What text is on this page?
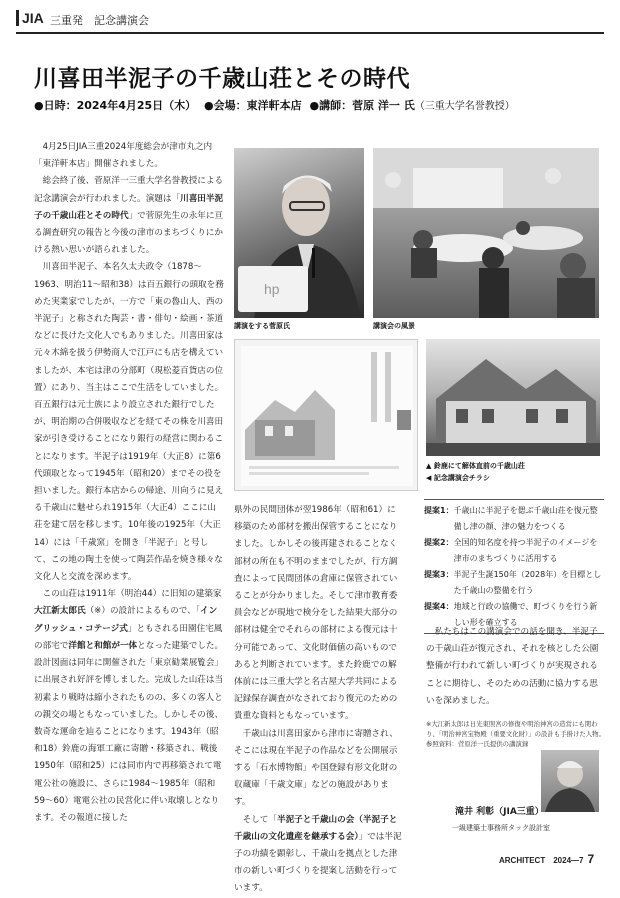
JIA 三重発　記念講演会
川喜田半泥子の千歳山荘とその時代
●日時：2024年4月25日（木） ●会場：東洋軒本店 ●講師：菅原 洋一 氏（三重大学名誉教授）

4月25日JIA三重2024年度総会が津市丸之内「東洋軒本店」開催されました。

総会終了後、菅原洋一三重大学名誉教授による記念講演会が行われました。演題は「川喜田半泥子の千歳山荘とその時代」で菅原先生の永年に亘る調査研究の報告と今後の津市のまちづくりにかける熱い思いが語られました。

川喜田半泥子、本名久太夫政令（1878～1963、明治11～昭和38）は百五銀行の頭取を務めた実業家でしたが、一方で「東の魯山人、西の半泥子」と称された陶芸・書・俳句・絵画・茶道などに長けた文化人でもありました。川喜田家は元々木綿を扱う伊勢商人で江戸にも店を構えていましたが、本宅は津の分部町（現松菱百貨店の位置）にあり、当主はここで生活をしていました。百五銀行は元士族により設立された銀行でしたが、明治期の合併吸収などを経てその株を川喜田家が引き受けることになり銀行の経営に関わることになります。半泥子は1919年（大正8）に第6代頭取となって1945年（昭和20）までその役を担いました。銀行本店からの帰途、川向うに見える千歳山に魅せられ1915年（大正4）ここに山荘を建て居を移します。10年後の1925年（大正14）には「千歳窯」を開き「半泥子」と号して、この地の陶土を使って陶芸作品を焼き様々な文化人と交流を深めます。

この山荘は1911年（明治44）に旧知の建築家大江新太郎氏（※）の設計によるもので、「イングリッシュ・コテージ式」ともされる田園住宅風の部宅で洋館と和館が一体となった建築でした。設計図面は同年に開催された「東京勧業展覧会」に出展され好評を博しました。完成した山荘は当初素より戦時は縮小されたものの、多くの客人との親交の場ともなっていました。しかしその後、数奇な運命を辿ることになります。1943年（昭和18）鈴鹿の海軍工廠に寄贈・移築され、戦後1950年（昭和25）には同市内で再移築されて電電公社の施設に、さらに1984～1985年（昭和59～60）電電公社の民営化に伴い取壊しとなります。その報道に接した

hp
講演をする菅原氏	講演会の風景
▲ 鈴鹿にて解体直前の千歳山荘
◀ 記念講演会チラシ

県外の民間団体が翌1986年（昭和61）に移築のため部材を搬出保管することになりました。しかしその後再建されることなく部材の所在も不明のままでしたが、行方調査によって民間団体の倉庫に保管されていることが分かりました。そして津市教育委員会などが現地で検分をした結果大部分の部材は健全でそれらの部材による復元は十分可能であって、文化財価値の高いものであると判断されています。また鈴鹿での解体前には三重大学と名古屋大学共同による記録保存調査がなされており復元のための貴重な資料ともなっています。

千歳山は川喜田家から津市に寄贈され、そこには現在半泥子の作品などを公開展示する「石水博物館」や国登録有形文化財の収蔵庫「千歳文庫」などの施設があります。

そして「半泥子と千歳山の会（半泥子と千歳山の文化遺産を継承する会）」では半泥子の功績を顕彰し、千歳山を拠点とした津市の新しい町づくりを提案し活動を行っています。

提案1： 千歳山に半泥子を偲ぶ千歳山荘を復元整備し津の顔、津の魅力をつくる
提案2： 全国的知名度を持つ半泥子のイメージを津市のまちづくりに活用する
提案3： 半泥子生誕150年（2028年）を目標とした千歳山の整備を行う
提案4： 地域と行政の協働で、町づくりを行う新しい形を確立する

私たちはこの講演会での話を聞き、半泥子の千歳山荘が復元され、それを核とした公園整備が行われて新しい町づくりが実現されることに期待し、そのための活動に協力する思いを深めました。

※大江新太郎は日光東照宮の修復や明治神宮の造営にも関わり、「明治神宮宝物殿（重要文化財）」の設計も手掛けた人物。
参照資料：菅原洋一氏提供の講演録
滝井 利彰（JIA三重）
一級建築士事務所タック設計室
ARCHITECT　2024―7 7
